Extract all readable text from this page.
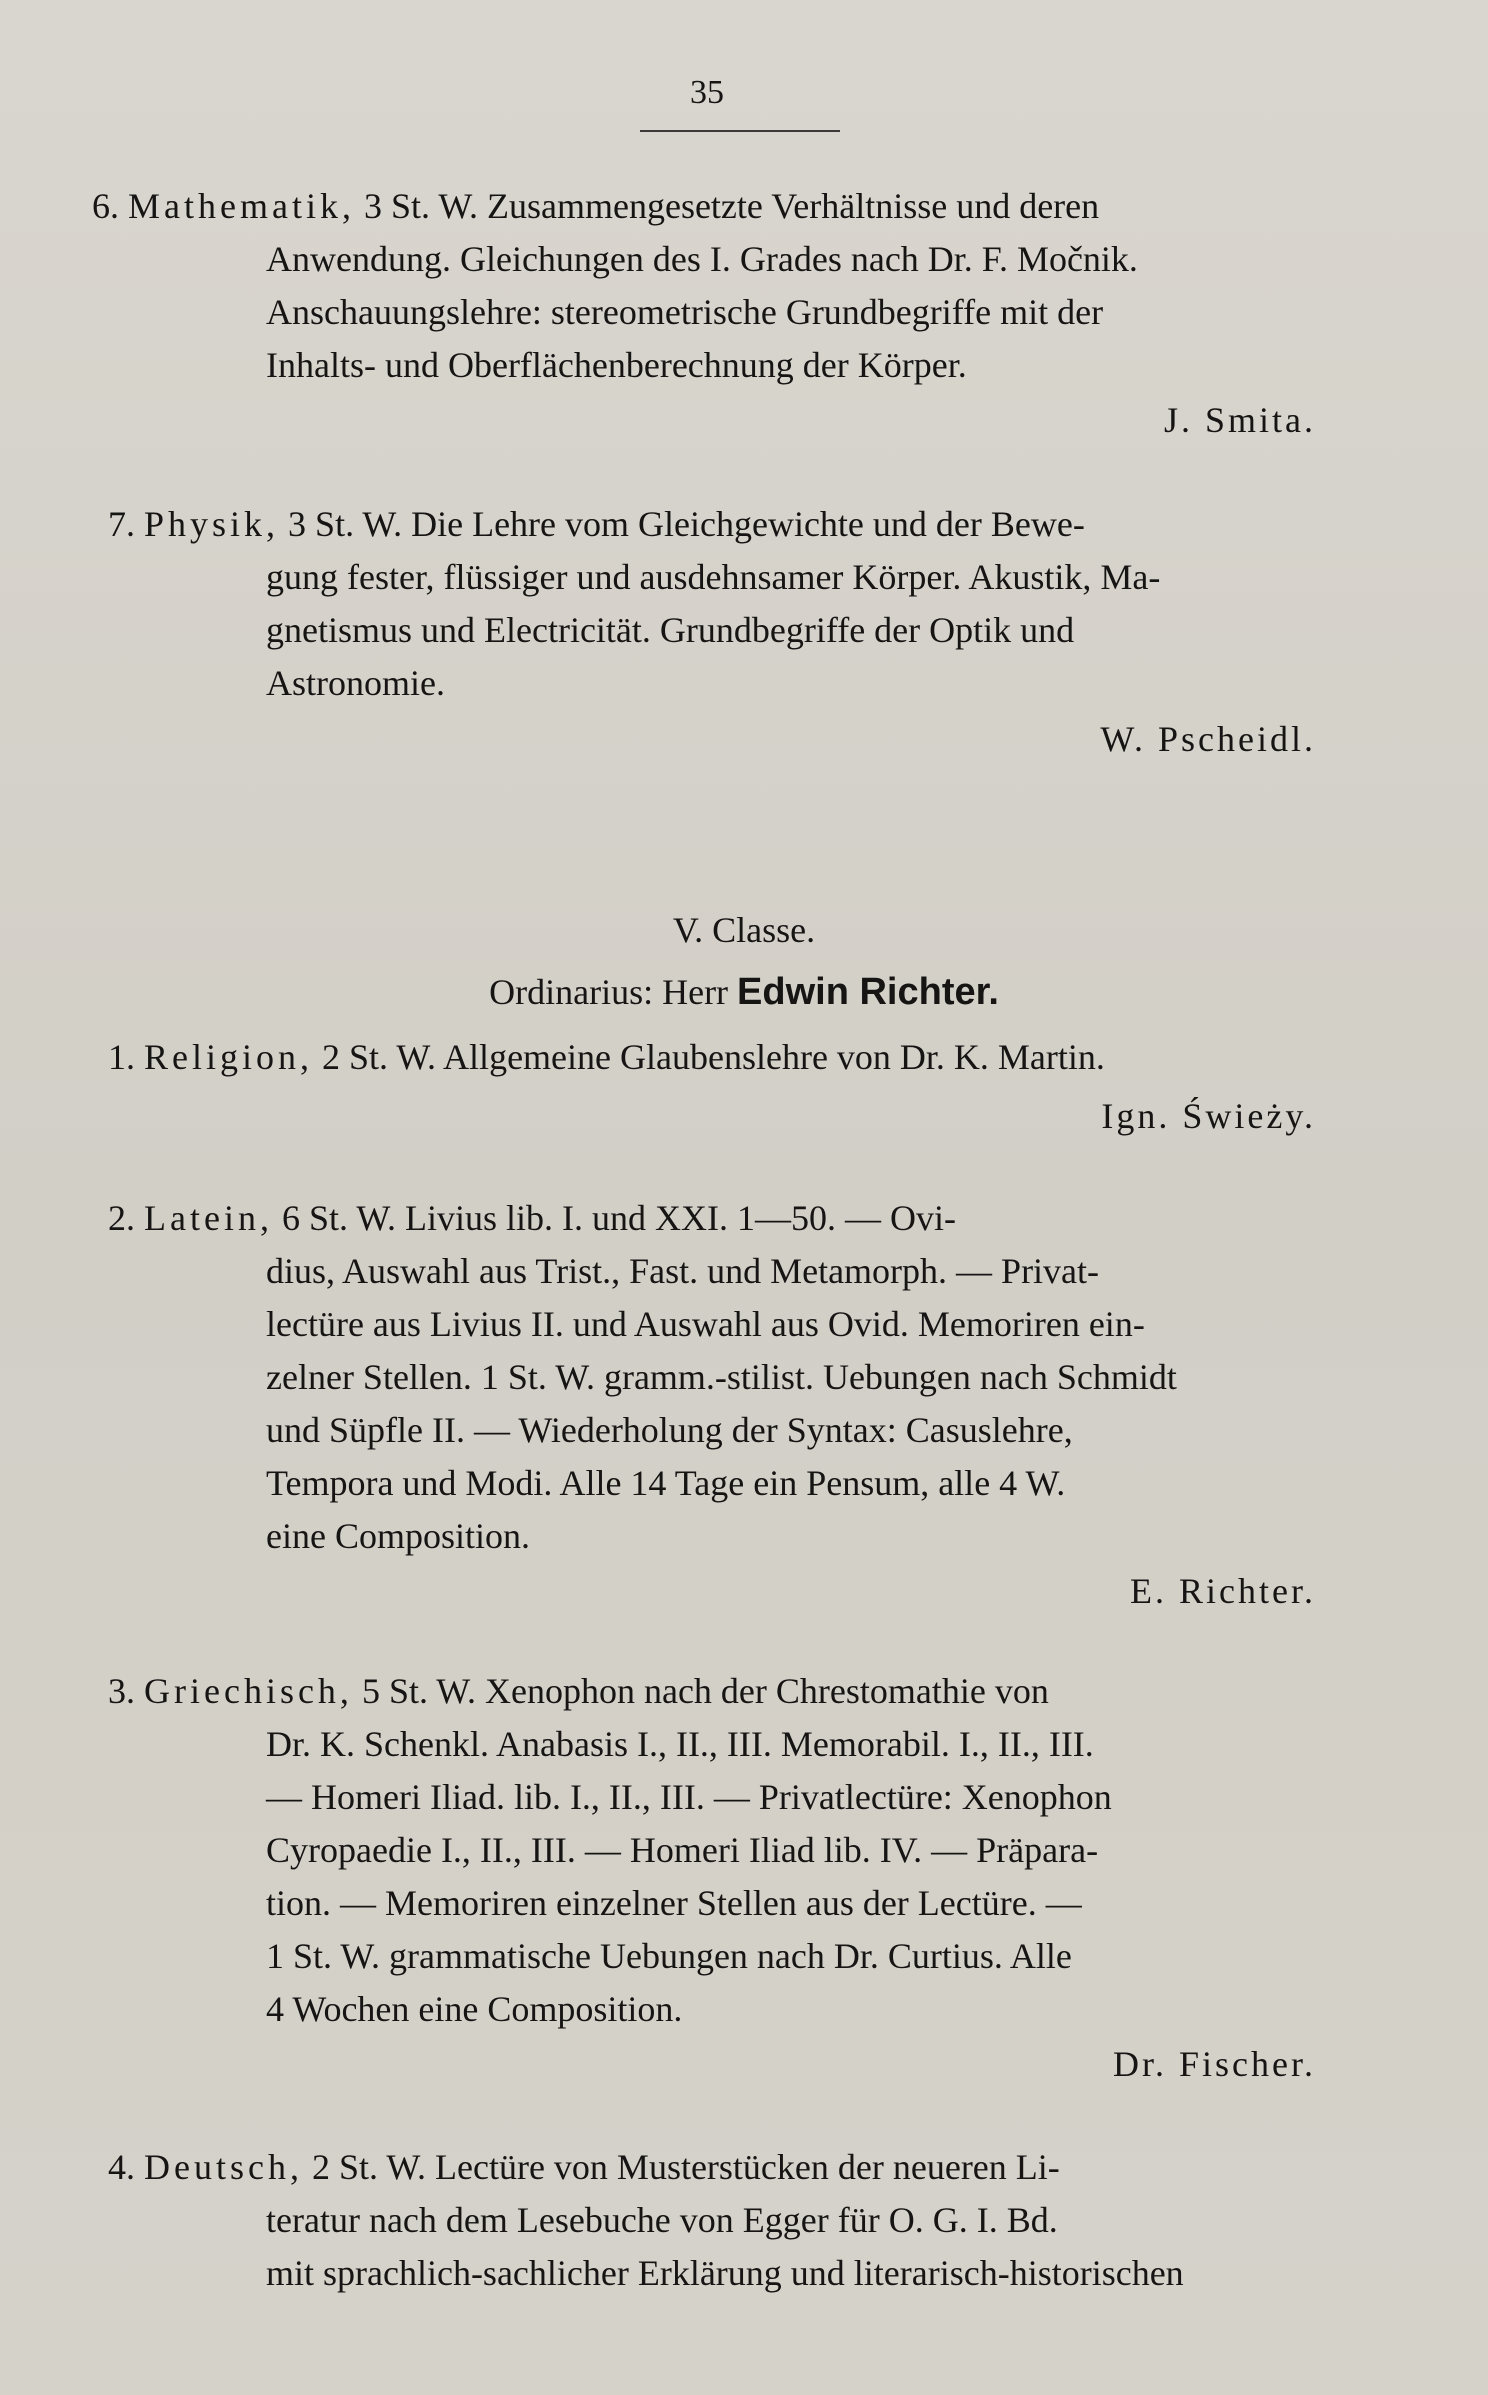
35
6. Mathematik, 3 St. W. Zusammengesetzte Verhältnisse und deren
Anwendung. Gleichungen des I. Grades nach Dr. F. Močnik.
Anschauungslehre: stereometrische Grundbegriffe mit der
Inhalts- und Oberflächenberechnung der Körper.
J. Smita.
7. Physik, 3 St. W. Die Lehre vom Gleichgewichte und der Bewe-
gung fester, flüssiger und ausdehnsamer Körper. Akustik, Ma-
gnetismus und Electricität. Grundbegriffe der Optik und
Astronomie.
W. Pscheidl.
V. Classe.
Ordinarius: Herr Edwin Richter.
1. Religion, 2 St. W. Allgemeine Glaubenslehre von Dr. K. Martin.
Ign. Świeży.
2. Latein, 6 St. W. Livius lib. I. und XXI. 1—50. — Ovi-
dius, Auswahl aus Trist., Fast. und Metamorph. — Privat-
lectüre aus Livius II. und Auswahl aus Ovid. Memoriren ein-
zelner Stellen. 1 St. W. gramm.-stilist. Uebungen nach Schmidt
und Süpfle II. — Wiederholung der Syntax: Casuslehre,
Tempora und Modi. Alle 14 Tage ein Pensum, alle 4 W.
eine Composition.
E. Richter.
3. Griechisch, 5 St. W. Xenophon nach der Chrestomathie von
Dr. K. Schenkl. Anabasis I., II., III. Memorabil. I., II., III.
— Homeri Iliad. lib. I., II., III. — Privatlectüre: Xenophon
Cyropaedie I., II., III. — Homeri Iliad lib. IV. — Präpara-
tion. — Memoriren einzelner Stellen aus der Lectüre. —
1 St. W. grammatische Uebungen nach Dr. Curtius. Alle
4 Wochen eine Composition.
Dr. Fischer.
4. Deutsch, 2 St. W. Lectüre von Musterstücken der neueren Li-
teratur nach dem Lesebuche von Egger für O. G. I. Bd.
mit sprachlich-sachlicher Erklärung und literarisch-historischen
